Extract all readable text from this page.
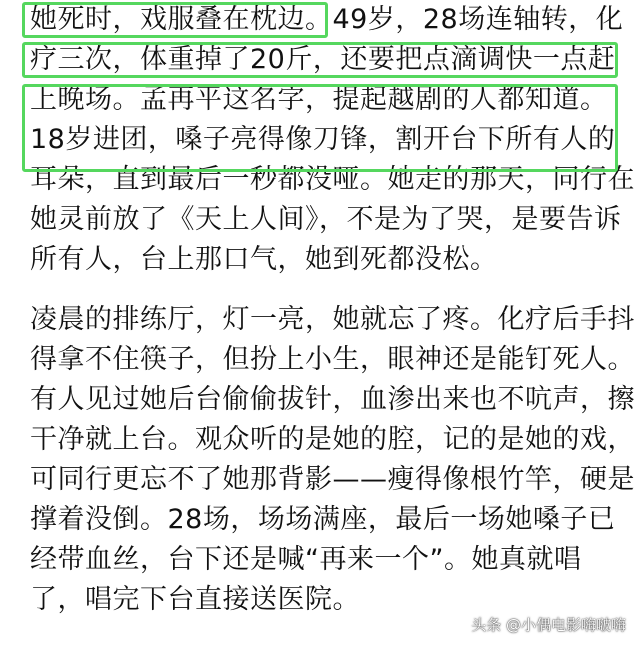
她死时，戏服叠在枕边。49岁，28场连轴转，化
疗三次，体重掉了20斤，还要把点滴调快一点赶
上晚场。孟再平这名字，提起越剧的人都知道。
18岁进团，嗓子亮得像刀锋，割开台下所有人的
耳朵，直到最后一秒都没哑。她走的那天，同行在
她灵前放了《天上人间》，不是为了哭，是要告诉
所有人，台上那口气，她到死都没松。
凌晨的排练厅，灯一亮，她就忘了疼。化疗后手抖
得拿不住筷子，但扮上小生，眼神还是能钉死人。
有人见过她后台偷偷拔针，血渗出来也不吭声，擦
干净就上台。观众听的是她的腔，记的是她的戏，
可同行更忘不了她那背影——瘦得像根竹竿，硬是
撑着没倒。28场，场场满座，最后一场她嗓子已
经带血丝，台下还是喊“再来一个”。她真就唱
了，唱完下台直接送医院。
头条 @小偶电影嗨啵嗨
